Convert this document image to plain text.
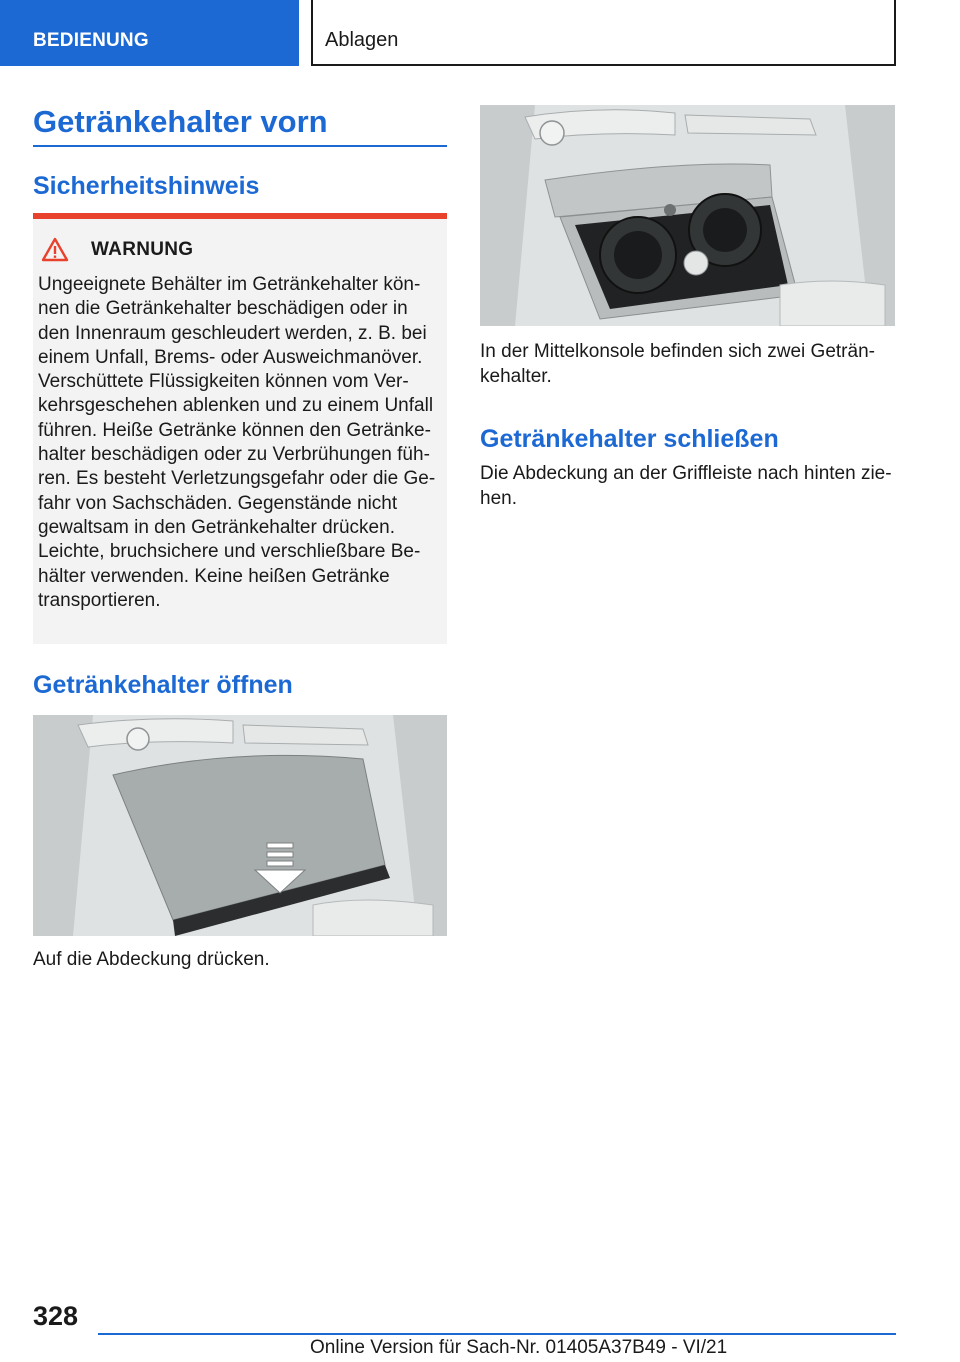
BEDIENUNG	Ablagen
Getränkehalter vorn
Sicherheitshinweis
WARNUNG
Ungeeignete Behälter im Getränkehalter können die Getränkehalter beschädigen oder in den Innenraum geschleudert werden, z. B. bei einem Unfall, Brems- oder Ausweichmanöver. Verschüttete Flüssigkeiten können vom Verkehrsgeschehen ablenken und zu einem Unfall führen. Heiße Getränke können den Getränkehalter beschädigen oder zu Verbrühungen führen. Es besteht Verletzungsgefahr oder die Gefahr von Sachschäden. Gegenstände nicht gewaltsam in den Getränkehalter drücken. Leichte, bruchsichere und verschließbare Behälter verwenden. Keine heißen Getränke transportieren.
Getränkehalter öffnen
Auf die Abdeckung drücken.
In der Mittelkonsole befinden sich zwei Getränkehalter.
Getränkehalter schließen
Die Abdeckung an der Griffleiste nach hinten ziehen.
328
Online Version für Sach-Nr. 01405A37B49 - VI/21
